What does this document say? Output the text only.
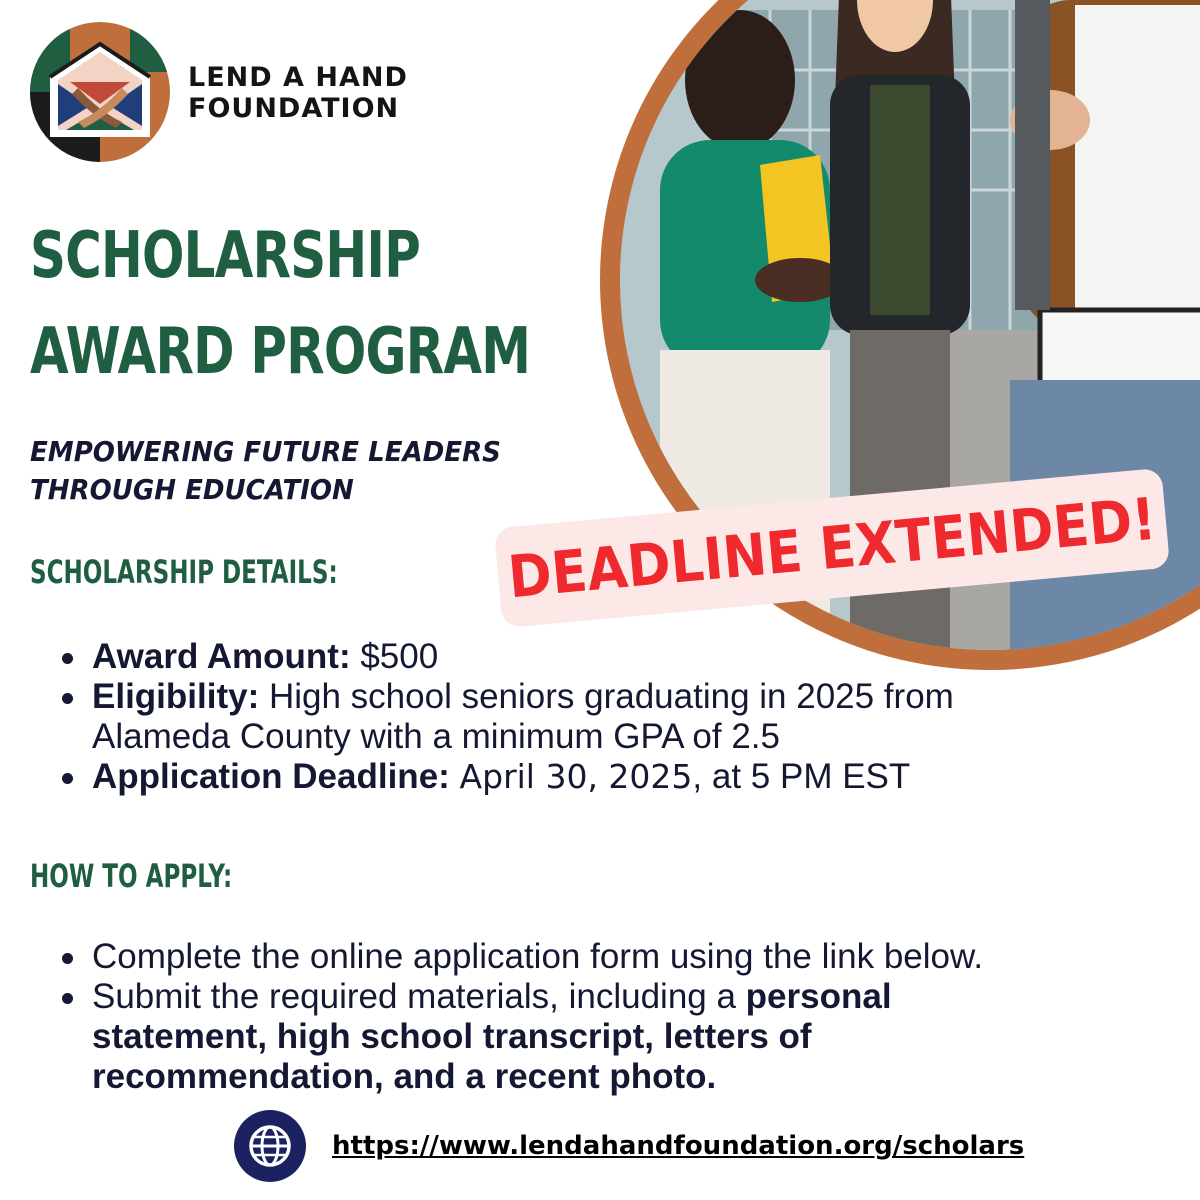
LEND A HAND
FOUNDATION
SCHOLARSHIP
AWARD PROGRAM
EMPOWERING FUTURE LEADERS
THROUGH EDUCATION
SCHOLARSHIP DETAILS:	DEADLINE EXTENDED!
Award Amount: $500
Eligibility: High school seniors graduating in 2025 from Alameda County with a minimum GPA of 2.5
Application Deadline: April 30, 2025, at 5 PM EST
HOW TO APPLY:
Complete the online application form using the link below.
Submit the required materials, including a personal statement, high school transcript, letters of recommendation, and a recent photo.
https://www.lendahandfoundation.org/scholars
